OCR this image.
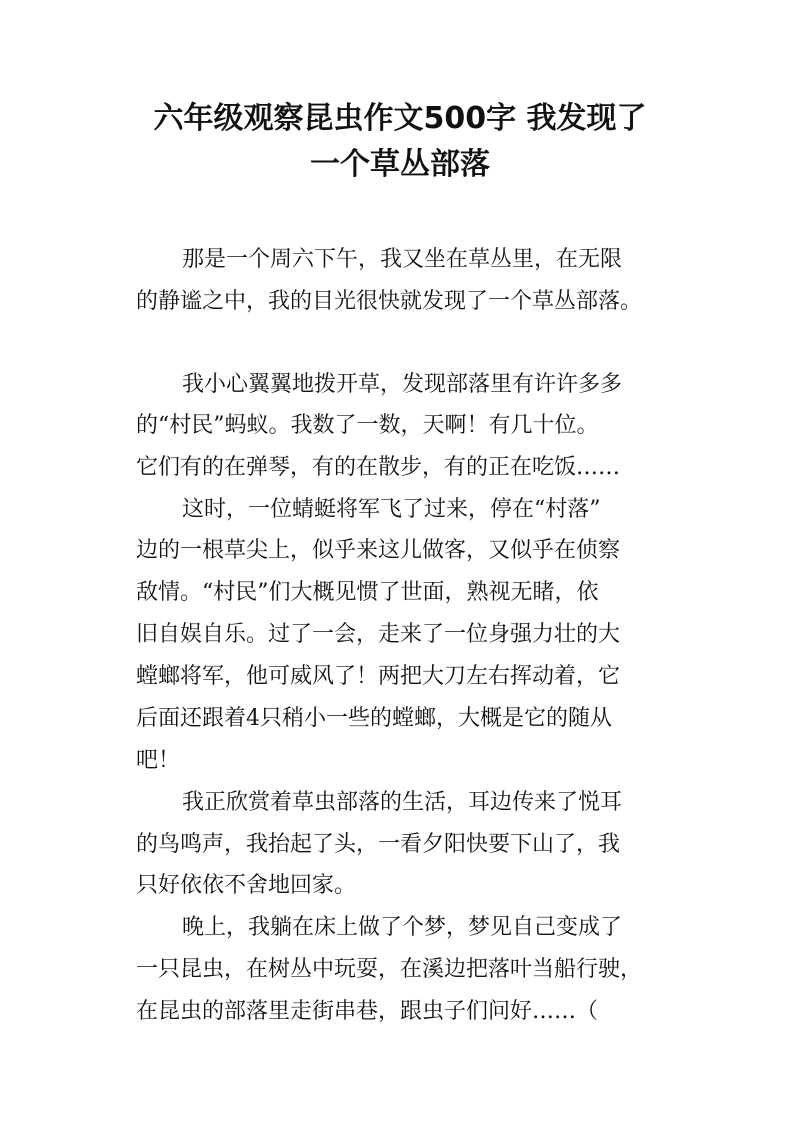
六年级观察昆虫作文500字 我发现了
一个草丛部落
那是一个周六下午，我又坐在草丛里，在无限
的静谧之中，我的目光很快就发现了一个草丛部落。
我小心翼翼地拨开草，发现部落里有许许多多
的“村民”蚂蚁。我数了一数，天啊！有几十位。
它们有的在弹琴，有的在散步，有的正在吃饭……
这时，一位蜻蜓将军飞了过来，停在“村落”
边的一根草尖上，似乎来这儿做客，又似乎在侦察
敌情。“村民”们大概见惯了世面，熟视无睹，依
旧自娱自乐。过了一会，走来了一位身强力壮的大
螳螂将军，他可威风了！两把大刀左右挥动着，它
后面还跟着4只稍小一些的螳螂，大概是它的随从
吧！
我正欣赏着草虫部落的生活，耳边传来了悦耳
的鸟鸣声，我抬起了头，一看夕阳快要下山了，我
只好依依不舍地回家。
晚上，我躺在床上做了个梦，梦见自己变成了
一只昆虫，在树丛中玩耍，在溪边把落叶当船行驶，
在昆虫的部落里走街串巷，跟虫子们问好……（
